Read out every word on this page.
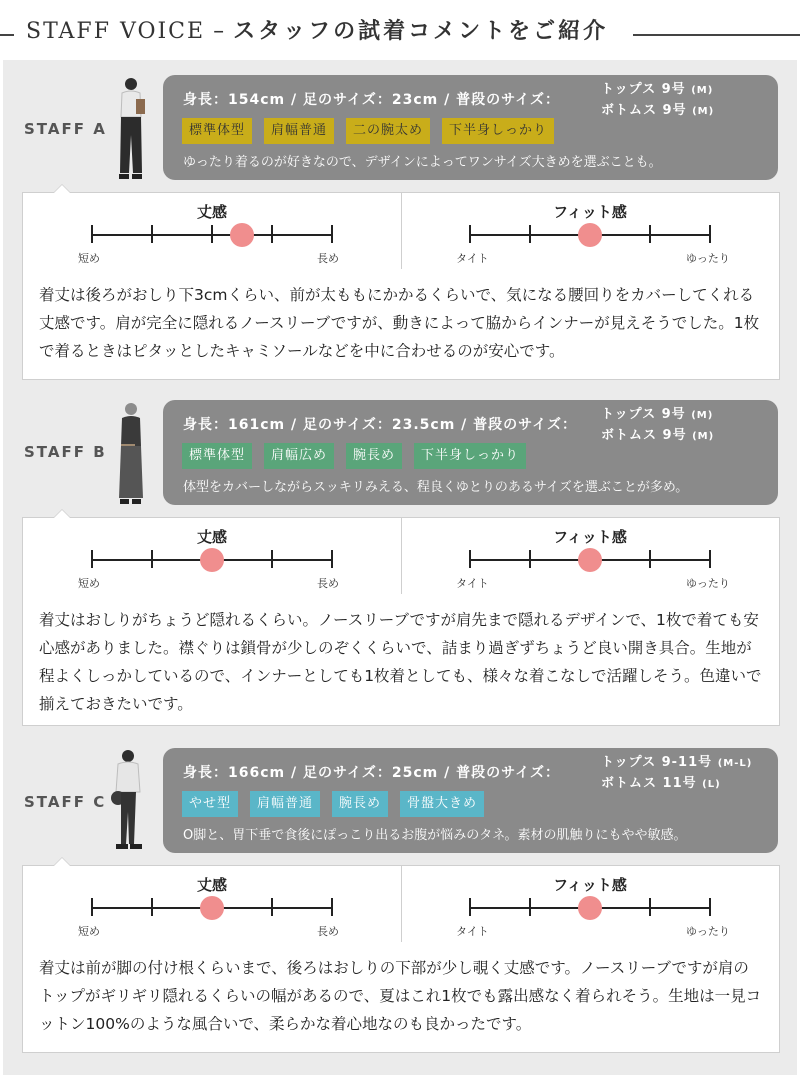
STAFF VOICE – スタッフの試着コメントをご紹介
STAFF A
身長：154cm / 足のサイズ：23cm / 普段のサイズ：
トップス 9号 (M)
ボトムス 9号 (M)
標準体型 肩幅普通 二の腕太め 下半身しっかり
ゆったり着るのが好きなので、デザインによってワンサイズ大きめを選ぶことも。
丈感
短め	長め
フィット感
タイト	ゆったり

着丈は後ろがおしり下3cmくらい、前が太ももにかかるくらいで、気になる腰回りをカバーしてくれる丈感です。肩が完全に隠れるノースリーブですが、動きによって脇からインナーが見えそうでした。1枚で着るときはピタッとしたキャミソールなどを中に合わせるのが安心です。

STAFF B
身長：161cm / 足のサイズ：23.5cm / 普段のサイズ：
トップス 9号 (M)
ボトムス 9号 (M)
標準体型 肩幅広め 腕長め 下半身しっかり
体型をカバーしながらスッキリみえる、程良くゆとりのあるサイズを選ぶことが多め。
丈感
短め	長め
フィット感
タイト	ゆったり

着丈はおしりがちょうど隠れるくらい。ノースリーブですが肩先まで隠れるデザインで、1枚で着ても安心感がありました。襟ぐりは鎖骨が少しのぞくくらいで、詰まり過ぎずちょうど良い開き具合。生地が程よくしっかしているので、インナーとしても1枚着としても、様々な着こなしで活躍しそう。色違いで揃えておきたいです。

STAFF C
身長：166cm / 足のサイズ：25cm / 普段のサイズ：
トップス 9-11号 (M-L)
ボトムス 11号 (L)
やせ型 肩幅普通 腕長め 骨盤大きめ
O脚と、胃下垂で食後にぽっこり出るお腹が悩みのタネ。素材の肌触りにもやや敏感。
丈感
短め	長め
フィット感
タイト	ゆったり

着丈は前が脚の付け根くらいまで、後ろはおしりの下部が少し覗く丈感です。ノースリーブですが肩のトップがギリギリ隠れるくらいの幅があるので、夏はこれ1枚でも露出感なく着られそう。生地は一見コットン100%のような風合いで、柔らかな着心地なのも良かったです。
